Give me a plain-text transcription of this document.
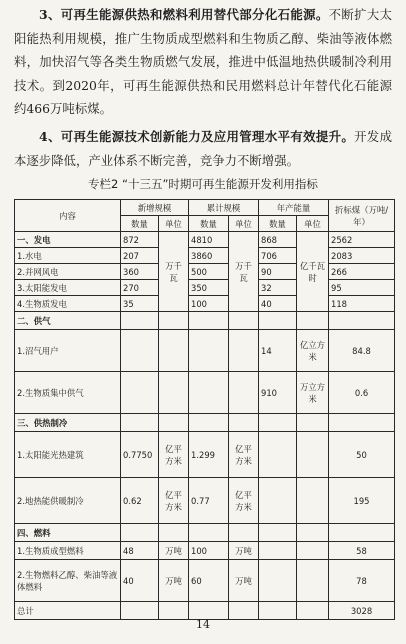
3、可再生能源供热和燃料利用替代部分化石能源。不断扩大太阳能热利用规模，推广生物质成型燃料和生物质乙醇、柴油等液体燃料，加快沼气等各类生物质燃气发展，推进中低温地热供暖制冷利用技术。到2020年，可再生能源供热和民用燃料总计年替代化石能源约466万吨标煤。
4、可再生能源技术创新能力及应用管理水平有效提升。开发成本逐步降低，产业体系不断完善，竞争力不断增强。
专栏2 “十三五”时期可再生能源开发利用指标
内容	新增规模		累计规模		年产能量		折标煤（万吨/年）
	数量	单位	数量	单位	数量	单位	
一、发电	872	万千瓦	4810	万千瓦	868	亿千瓦时	2562
1.水电	207		3860		706		2083
2.并网风电	360		500		90		266
3.太阳能发电	270		350		32		95
4.生物质发电	35		100		40		118
二、供气							
1.沼气用户					14	亿立方米	84.8
2.生物质集中供气					910	万立方米	0.6
三、供热制冷							
1.太阳能光热建筑	0.7750	亿平方米	1.299	亿平方米			50
2.地热能供暖制冷	0.62	亿平方米	0.77	亿平方米			195
四、燃料							
1.生物质成型燃料	48	万吨	100	万吨			58
2.生物燃料乙醇、柴油等液体燃料	40	万吨	60	万吨			78
总计							3028
14
